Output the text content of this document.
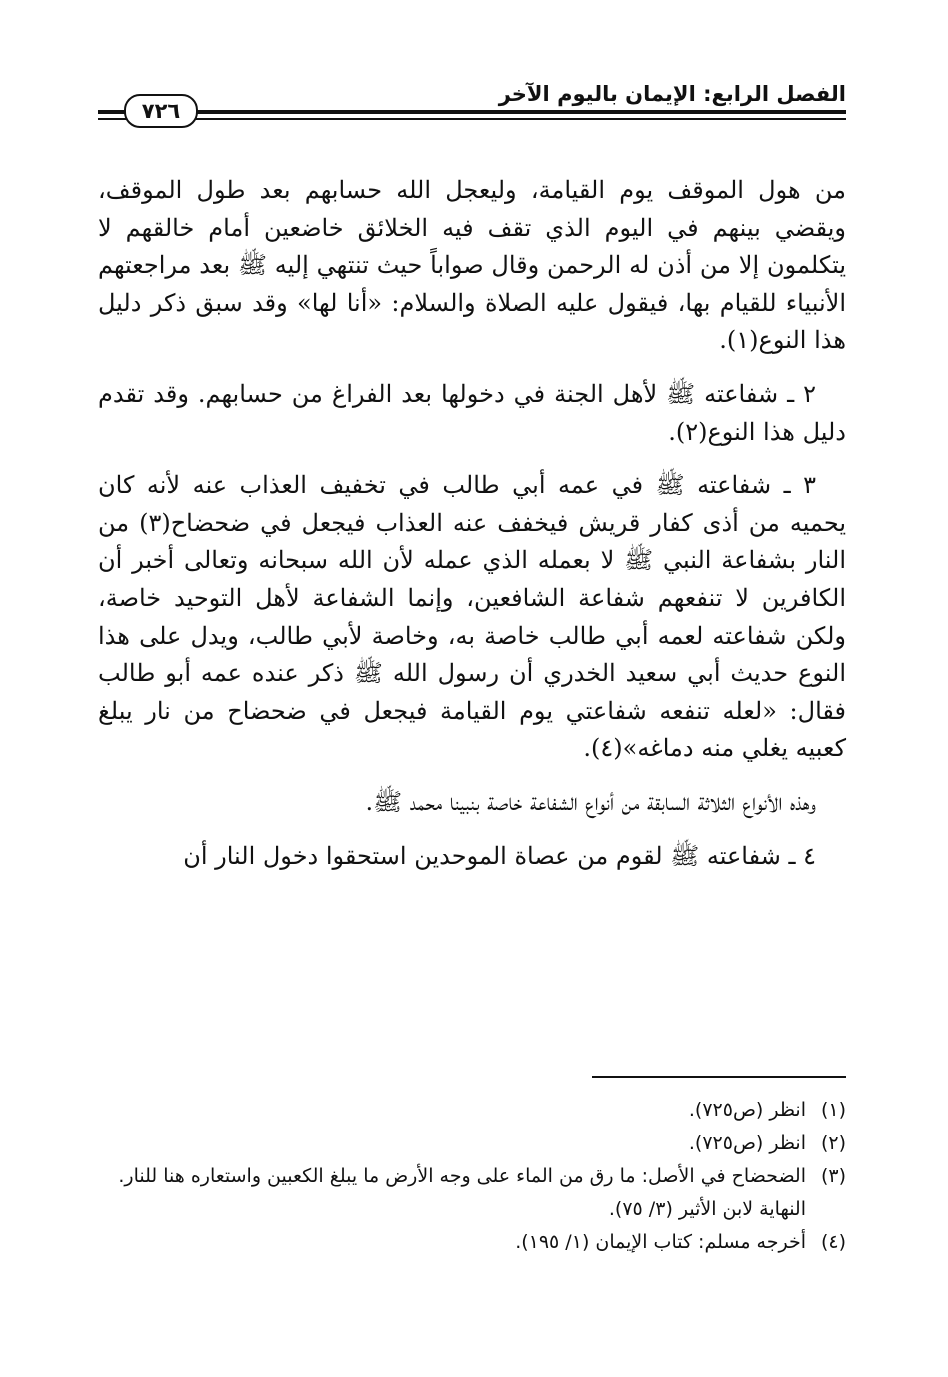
الفصل الرابع: الإيمان باليوم الآخر
٧٢٦

من هول الموقف يوم القيامة، وليعجل الله حسابهم بعد طول الموقف، ويقضي بينهم في اليوم الذي تقف فيه الخلائق خاضعين أمام خالقهم لا يتكلمون إلا من أذن له الرحمن وقال صواباً حيث تنتهي إليه ﷺ بعد مراجعتهم الأنبياء للقيام بها، فيقول عليه الصلاة والسلام: «أنا لها» وقد سبق ذكر دليل هذا النوع(١).

٢ ـ شفاعته ﷺ لأهل الجنة في دخولها بعد الفراغ من حسابهم. وقد تقدم دليل هذا النوع(٢).

٣ ـ شفاعته ﷺ في عمه أبي طالب في تخفيف العذاب عنه لأنه كان يحميه من أذى كفار قريش فيخفف عنه العذاب فيجعل في ضحضاح(٣) من النار بشفاعة النبي ﷺ لا بعمله الذي عمله لأن الله سبحانه وتعالى أخبر أن الكافرين لا تنفعهم شفاعة الشافعين، وإنما الشفاعة لأهل التوحيد خاصة، ولكن شفاعته لعمه أبي طالب خاصة به، وخاصة لأبي طالب، ويدل على هذا النوع حديث أبي سعيد الخدري أن رسول الله ﷺ ذكر عنده عمه أبو طالب فقال: «لعله تنفعه شفاعتي يوم القيامة فيجعل في ضحضاح من نار يبلغ كعبيه يغلي منه دماغه»(٤).

وهذه الأنواع الثلاثة السابقة من أنواع الشفاعة خاصة بنبينا محمد ﷺ.

٤ ـ شفاعته ﷺ لقوم من عصاة الموحدين استحقوا دخول النار أن

(١)
انظر (ص٧٢٥).
(٢)
انظر (ص٧٢٥).
(٣)
الضحضاح في الأصل: ما رق من الماء على وجه الأرض ما يبلغ الكعبين واستعاره هنا للنار.
النهاية لابن الأثير (٣/ ٧٥).
(٤)
أخرجه مسلم: كتاب الإيمان (١/ ١٩٥).
